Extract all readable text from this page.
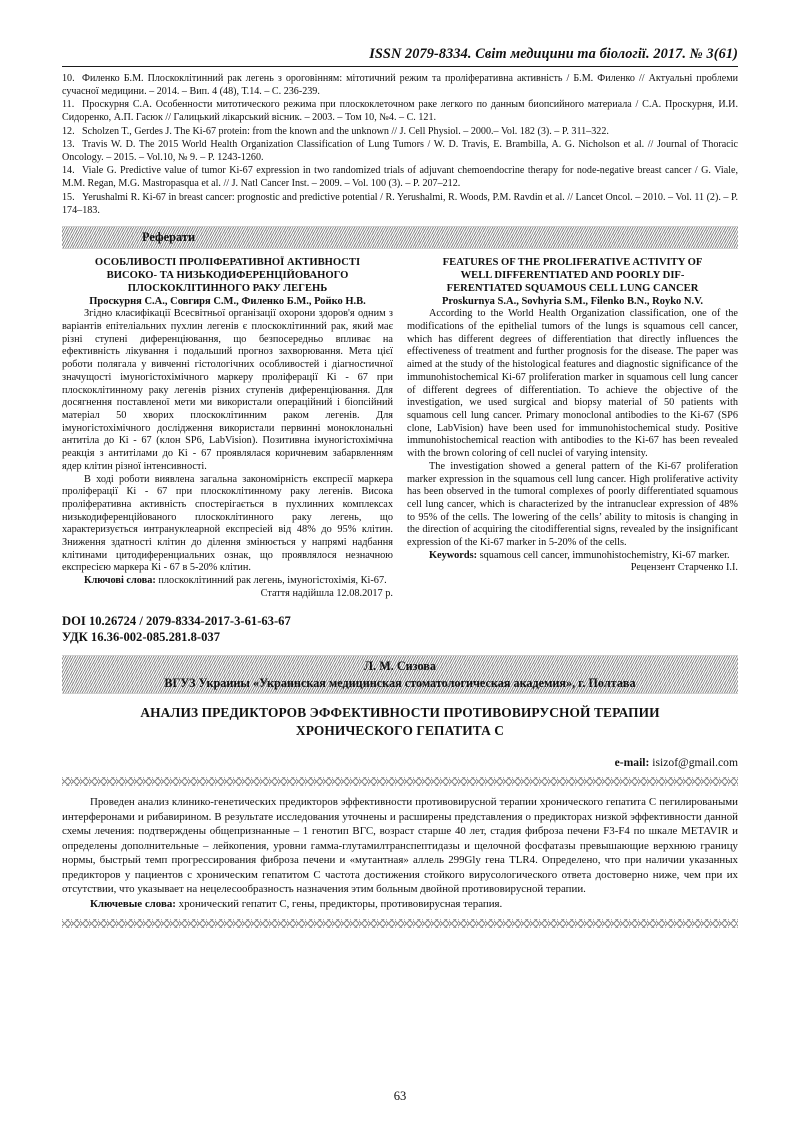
ISSN 2079-8334. Світ медицини та біології. 2017. № 3(61)

10. Филенко Б.М. Плоскоклітинний рак легень з ороговінням: мітотичний режим та проліферативна активність / Б.М. Филенко // Актуальні проблеми сучасної медицини. – 2014. – Вип. 4 (48), Т.14. – С. 236-239.

11. Проскурня С.А. Особенности митотического режима при плоскоклеточном раке легкого по данным биопсийного материала / С.А. Проскурня, И.И. Сидоренко, А.П. Гасюк // Галицький лікарський вісник. – 2003. – Том 10, №4. – С. 121.

12. Scholzen T., Gerdes J. The Ki-67 protein: from the known and the unknown // J. Cell Physiol. – 2000.– Vol. 182 (3). – P. 311–322.

13. Travis W. D. The 2015 World Health Organization Classification of Lung Tumors / W. D. Travis, E. Brambilla, A. G. Nicholson et al. // Journal of Thoracic Oncology. – 2015. – Vol.10, № 9. – P. 1243-1260.

14. Viale G. Predictive value of tumor Ki-67 expression in two randomized trials of adjuvant chemoendocrine therapy for node-negative breast cancer / G. Viale, M.M. Regan, M.G. Mastropasqua et al. // J. Natl Cancer Inst. – 2009. – Vol. 100 (3). – P. 207–212.

15. Yerushalmi R. Ki-67 in breast cancer: prognostic and predictive potential / R. Yerushalmi, R. Woods, P.M. Ravdin et al. // Lancet Oncol. – 2010. – Vol. 11 (2). – P. 174–183.

Реферати
ОСОБЛИВОСТІ ПРОЛІФЕРАТИВНОЇ АКТИВНОСТІ
ВИСОКО- ТА НИЗЬКОДИФЕРЕНЦІЙОВАНОГО
ПЛОСКОКЛІТИННОГО РАКУ ЛЕГЕНЬ
Проскурня С.А., Совгиря С.М., Филенко Б.М., Ройко Н.В.

Згідно класифікації Всесвітньої організації охорони здоров'я одним з варіантів епітеліальних пухлин легенів є плоскоклітинний рак, який має різні ступені диференціювання, що безпосередньо впливає на ефективність лікування і подальший прогноз захворювання. Мета цієї роботи полягала у вивченні гістологічних особливостей і діагностичної значущості імуногістохімічного маркеру проліферації Кі - 67 при плоскоклітинному раку легенів різних ступенів диференціювання. Для досягнення поставленої мети ми використали операційний і біопсійний матеріал 50 хворих плоскоклітинним раком легенів. Для імуногістохімічного дослідження використали первинні моноклональні антитіла до Кі - 67 (клон SP6, LabVision). Позитивна імуногістохімічна реакція з антитілами до Кі - 67 проявлялася коричневим забарвленням ядер клітин різної інтенсивності.

В ході роботи виявлена загальна закономірність експресії маркера проліферації Кі - 67 при плоскоклітинному раку легенів. Висока проліферативна активність спостерігається в пухлинних комплексах низькодиференційованого плоскоклітинного раку легень, що характеризується интрануклеарной експресіей від 48% до 95% клітин. Зниження здатності клітин до ділення змінюється у напрямі надбання клітинами цитодиференциальних ознак, що проявлялося незначною експресією маркера Кі - 67 в 5-20% клітин.

Ключові слова: плоскоклітинний рак легень, імуногістохімія, Кі-67.

Стаття надійшла 12.08.2017 р.

FEATURES OF THE PROLIFERATIVE ACTIVITY OF
WELL DIFFERENTIATED AND POORLY DIF-
FERENTIATED SQUAMOUS CELL LUNG CANCER
Proskurnya S.A., Sovhyria S.M., Filenko B.N., Royko N.V.

According to the World Health Organization classification, one of the modifications of the epithelial tumors of the lungs is squamous cell cancer, which has different degrees of differentiation that directly influences the effectiveness of treatment and further prognosis for the disease. The paper was aimed at the study of the histological features and diagnostic significance of the immunohistochemical Ki-67 proliferation marker in squamous cell lung cancer of different degrees of differentiation. To achieve the objective of the investigation, we used surgical and biopsy material of 50 patients with squamous cell lung cancer. Primary monoclonal antibodies to the Ki-67 (SP6 clone, LabVision) have been used for immunohistochemical study. Positive immunohistochemical reaction with antibodies to the Ki-67 has been revealed with the brown coloring of cell nuclei of varying intensity.

The investigation showed a general pattern of the Ki-67 proliferation marker expression in the squamous cell lung cancer. High proliferative activity has been observed in the tumoral complexes of poorly differentiated squamous cell lung cancer, which is characterized by the intranuclear expression of 48% to 95% of the cells. The lowering of the cells’ ability to mitosis is changing in the direction of acquiring the citodifferential signs, revealed by the insignificant expression of the Ki-67 marker in 5-20% of the cells.

Keywords: squamous cell cancer, immunohistochemistry, Ki-67 marker.

Рецензент Старченко І.І.

DOI 10.26724 / 2079-8334-2017-3-61-63-67
УДК 16.36-002-085.281.8-037
Л. М. Сизова
ВГУЗ Украины «Украинская медицинская стоматологическая академия», г. Полтава
АНАЛИЗ ПРЕДИКТОРОВ ЭФФЕКТИВНОСТИ ПРОТИВОВИРУСНОЙ ТЕРАПИИ
ХРОНИЧЕСКОГО ГЕПАТИТА С
e-mail: isizof@gmail.com

Проведен анализ клинико-генетических предикторов эффективности противовирусной терапии хронического гепатита С пегилироваными интерферонами и рибавирином. В результате исследования уточнены и расширены представления о предикторах низкой эффективности данной схемы лечения: подтверждены общепризнанные – 1 генотип ВГС, возраст старше 40 лет, стадия фиброза печени F3-F4 по шкале METAVIR и определены дополнительные – лейкопения, уровни гамма-глутамилтранспептидазы и щелочной фосфатазы превышающие верхнюю границу нормы, быстрый темп прогрессирования фиброза печени и «мутантная» аллель 299Gly гена TLR4. Определено, что при наличии указанных предикторов у пациентов с хроническим гепатитом С частота достижения стойкого вирусологического ответа достоверно ниже, чем при их отсутствии, что указывает на нецелесообразность назначения этим больным двойной противовирусной терапии.

Ключевые слова: хронический гепатит С, гены, предикторы, противовирусная терапия.

63
